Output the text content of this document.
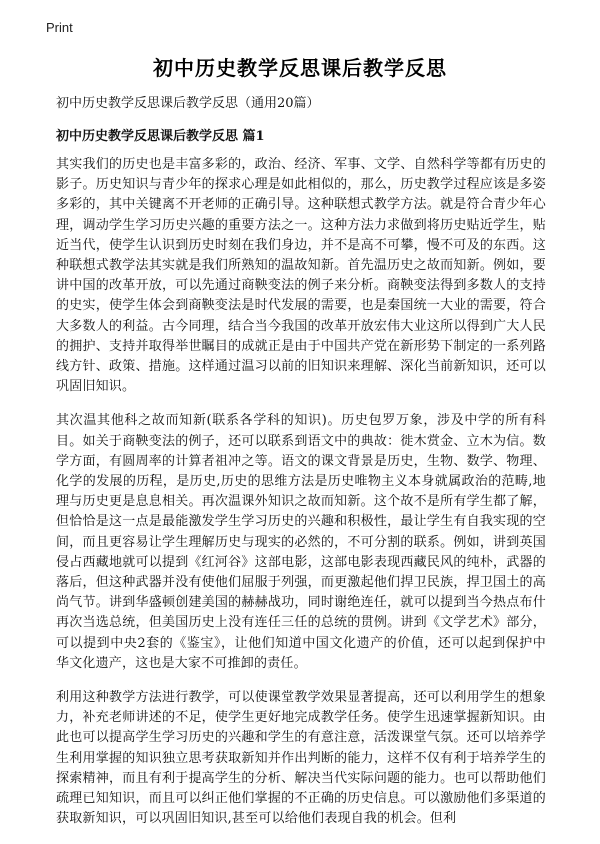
Print
初中历史教学反思课后教学反思

初中历史教学反思课后教学反思（通用20篇）

初中历史教学反思课后教学反思 篇1

其实我们的历史也是丰富多彩的，政治、经济、军事、文学、自然科学等都有历史的影子。历史知识与青少年的探求心理是如此相似的，那么，历史教学过程应该是多姿多彩的，其中关键离不开老师的正确引导。这种联想式教学方法。就是符合青少年心理，调动学生学习历史兴趣的重要方法之一。这种方法力求做到将历史贴近学生，贴近当代，使学生认识到历史时刻在我们身边，并不是高不可攀，慢不可及的东西。这种联想式教学法其实就是我们所熟知的温故知新。首先温历史之故而知新。例如，要讲中国的改革开放，可以先通过商鞅变法的例子来分析。商鞅变法得到多数人的支持的史实，使学生体会到商鞅变法是时代发展的需要，也是秦国统一大业的需要，符合大多数人的利益。古今同理，结合当今我国的改革开放宏伟大业这所以得到广大人民的拥护、支持并取得举世瞩目的成就正是由于中国共产党在新形势下制定的一系列路线方针、政策、措施。这样通过温习以前的旧知识来理解、深化当前新知识，还可以巩固旧知识。

其次温其他科之故而知新(联系各学科的知识)。历史包罗万象，涉及中学的所有科目。如关于商鞅变法的例子，还可以联系到语文中的典故：徙木赏金、立木为信。数学方面，有圆周率的计算者祖冲之等。语文的课文背景是历史，生物、数学、物理、化学的发展的历程，是历史,历史的思维方法是历史唯物主义本身就属政治的范畴,地理与历史更是息息相关。再次温课外知识之故而知新。这个故不是所有学生都了解，但恰恰是这一点是最能激发学生学习历史的兴趣和积极性，最让学生有自我实现的空间，而且更容易让学生理解历史与现实的必然的，不可分割的联系。例如，讲到英国侵占西藏地就可以提到《红河谷》这部电影，这部电影表现西藏民风的纯朴，武器的落后，但这种武器并没有使他们屈服于列强，而更激起他们捍卫民族，捍卫国土的高尚气节。讲到华盛顿创建美国的赫赫战功，同时谢绝连任，就可以提到当今热点布什再次当选总统，但美国历史上没有连任三任的总统的贯例。讲到《文学艺术》部分，可以提到中央2套的《鉴宝》，让他们知道中国文化遗产的价值，还可以起到保护中华文化遗产，这也是大家不可推卸的责任。

利用这种教学方法进行教学，可以使课堂教学效果显著提高，还可以利用学生的想象力，补充老师讲述的不足，使学生更好地完成教学任务。使学生迅速掌握新知识。由此也可以提高学生学习历史的兴趣和学生的有意注意，活泼课堂气氛。还可以培养学生利用掌握的知识独立思考获取新知并作出判断的能力，这样不仅有利于培养学生的探索精神，而且有利于提高学生的分析、解决当代实际问题的能力。也可以帮助他们疏理已知知识，而且可以纠正他们掌握的不正确的历史信息。可以激励他们多渠道的获取新知识，可以巩固旧知识,甚至可以给他们表现自我的机会。但利
